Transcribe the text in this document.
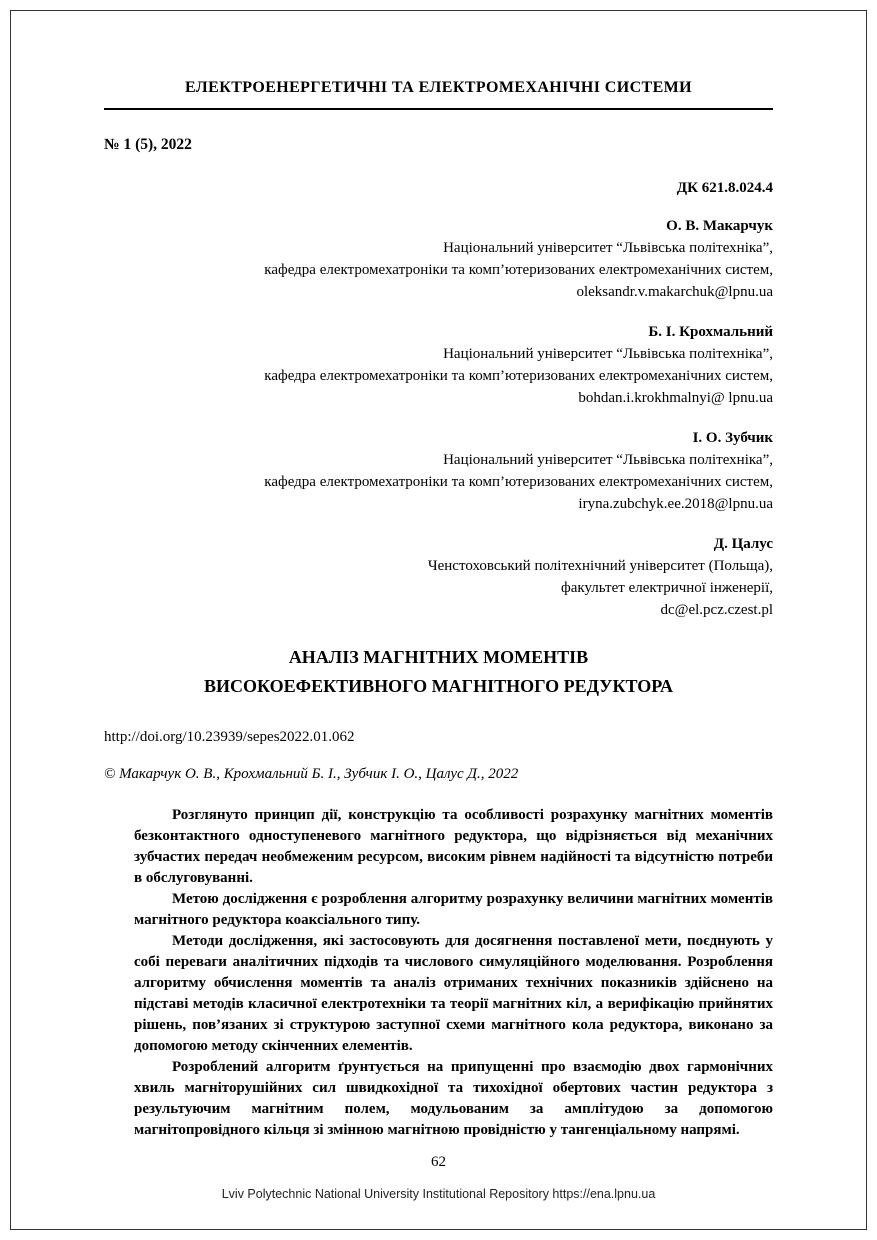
ЕЛЕКТРОЕНЕРГЕТИЧНІ ТА ЕЛЕКТРОМЕХАНІЧНІ СИСТЕМИ
№ 1 (5), 2022
ДК 621.8.024.4
О. В. Макарчук
Національний університет “Львівська політехніка”,
кафедра електромехатроніки та комп’ютеризованих електромеханічних систем,
oleksandr.v.makarchuk@lpnu.ua
Б. І. Крохмальний
Національний університет “Львівська політехніка”,
кафедра електромехатроніки та комп’ютеризованих електромеханічних систем,
bohdan.i.krokhmalnyi@ lpnu.ua
І. О. Зубчик
Національний університет “Львівська політехніка”,
кафедра електромехатроніки та комп’ютеризованих електромеханічних систем,
iryna.zubchyk.ee.2018@lpnu.ua
Д. Цалус
Ченстоховський політехнічний університет (Польща),
факультет електричної інженерії,
dc@el.pcz.czest.pl
АНАЛІЗ МАГНІТНИХ МОМЕНТІВ
ВИСОКОЕФЕКТИВНОГО МАГНІТНОГО РЕДУКТОРА
http://doi.org/10.23939/sepes2022.01.062
© Макарчук О. В., Крохмальний Б. І., Зубчик І. О., Цалус Д., 2022

Розглянуто принцип дії, конструкцію та особливості розрахунку магнітних моментів безконтактного одноступеневого магнітного редуктора, що відрізняється від механічних зубчастих передач необмеженим ресурсом, високим рівнем надійності та відсутністю потреби в обслуговуванні.

Метою дослідження є розроблення алгоритму розрахунку величини магнітних моментів магнітного редуктора коаксіального типу.

Методи дослідження, які застосовують для досягнення поставленої мети, поєднують у собі переваги аналітичних підходів та числового симуляційного моделювання. Розроблення алгоритму обчислення моментів та аналіз отриманих технічних показників здійснено на підставі методів класичної електротехніки та теорії магнітних кіл, а верифікацію прийнятих рішень, пов’язаних зі структурою заступної схеми магнітного кола редуктора, виконано за допомогою методу скінченних елементів.

Розроблений алгоритм ґрунтується на припущенні про взаємодію двох гармонічних хвиль магніторушійних сил швидкохідної та тихохідної обертових частин редуктора з результуючим магнітним полем, модульованим за амплітудою за допомогою магнітопровідного кільця зі змінною магнітною провідністю у тангенціальному напрямі.

62
Lviv Polytechnic National University Institutional Repository https://ena.lpnu.ua
